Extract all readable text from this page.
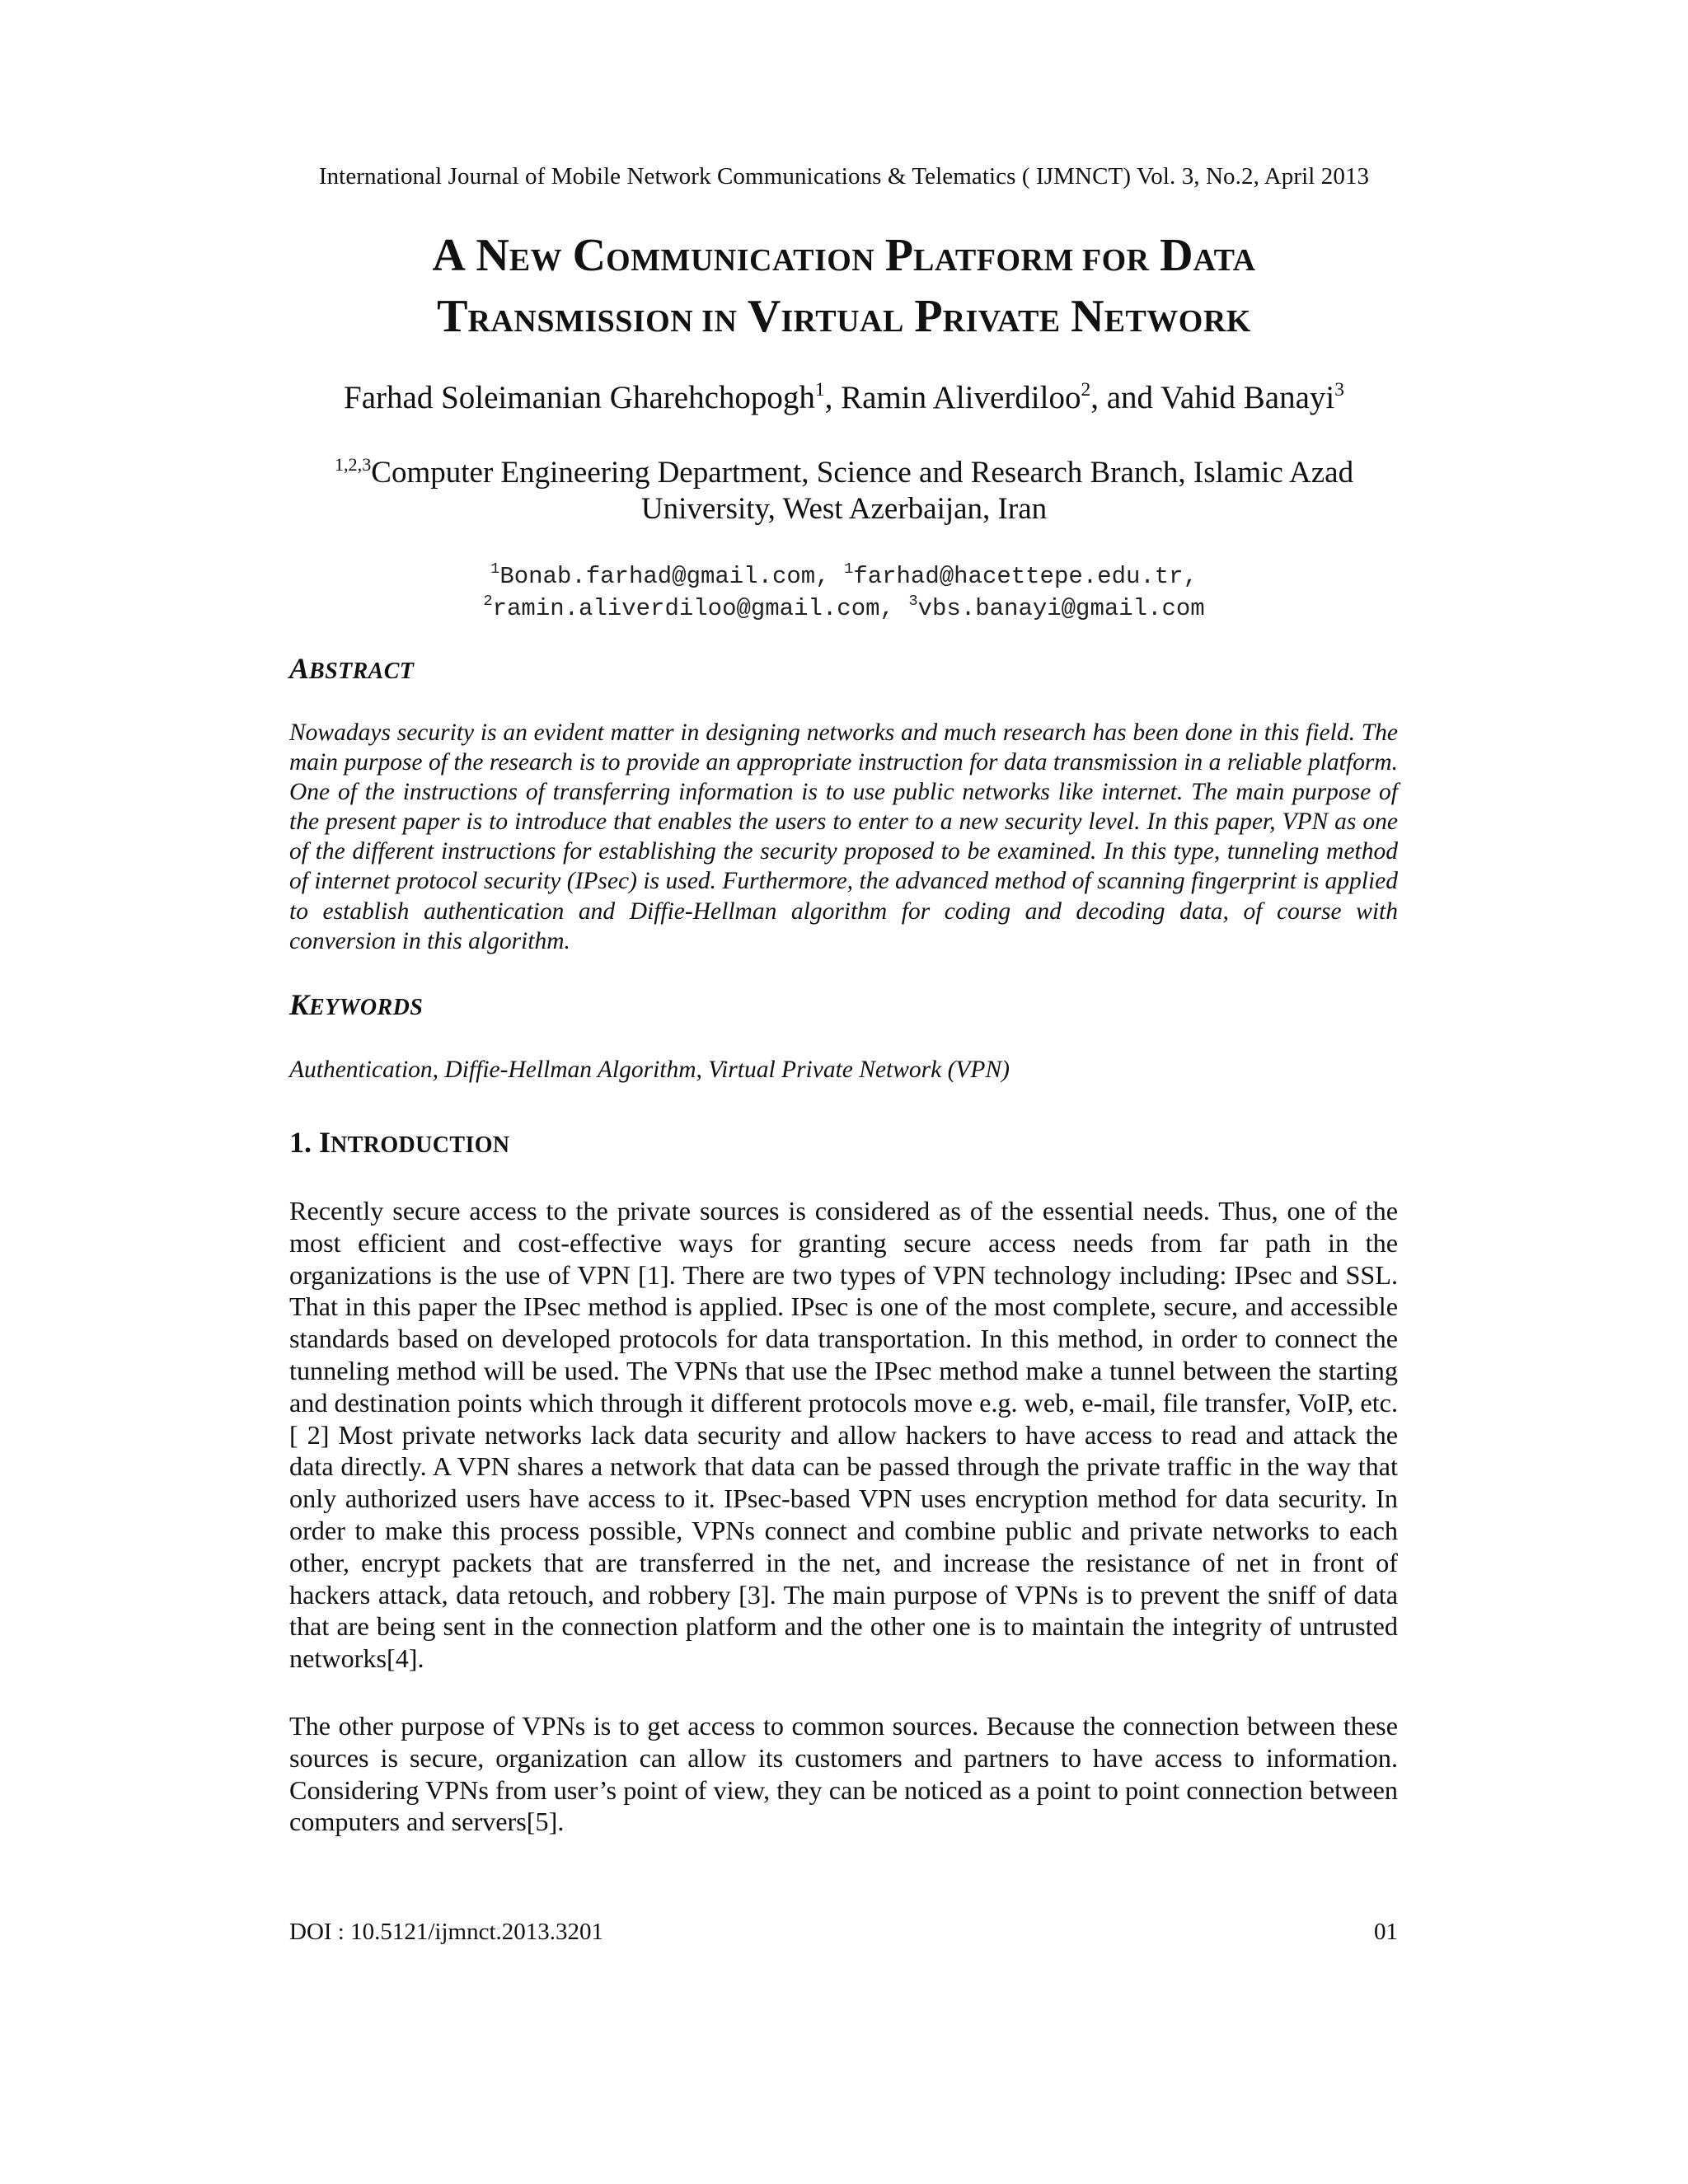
International Journal of Mobile Network Communications & Telematics ( IJMNCT) Vol. 3, No.2, April 2013
A NEW COMMUNICATION PLATFORM FOR DATA
TRANSMISSION IN VIRTUAL PRIVATE NETWORK
Farhad Soleimanian Gharehchopogh$^1$, Ramin Aliverdiloo$^2$, and Vahid Banayi$^3$
$^{1,2,3}$Computer Engineering Department, Science and Research Branch, Islamic Azad
University, West Azerbaijan, Iran
$^1$Bonab.farhad@gmail.com, $^1$farhad@hacettepe.edu.tr,
$^2$ramin.aliverdiloo@gmail.com, $^3$vbs.banayi@gmail.com
ABSTRACT
Nowadays security is an evident matter in designing networks and much research has been done in this field. The main purpose of the research is to provide an appropriate instruction for data transmission in a reliable platform. One of the instructions of transferring information is to use public networks like internet. The main purpose of the present paper is to introduce that enables the users to enter to a new security level. In this paper, VPN as one of the different instructions for establishing the security proposed to be examined. In this type, tunneling method of internet protocol security (IPsec) is used. Furthermore, the advanced method of scanning fingerprint is applied to establish authentication and Diffie-Hellman algorithm for coding and decoding data, of course with conversion in this algorithm.
KEYWORDS
Authentication, Diffie-Hellman Algorithm, Virtual Private Network (VPN)
1. INTRODUCTION
Recently secure access to the private sources is considered as of the essential needs. Thus, one of the most efficient and cost-effective ways for granting secure access needs from far path in the organizations is the use of VPN [1]. There are two types of VPN technology including: IPsec and SSL. That in this paper the IPsec method is applied. IPsec is one of the most complete, secure, and accessible standards based on developed protocols for data transportation. In this method, in order to connect the tunneling method will be used. The VPNs that use the IPsec method make a tunnel between the starting and destination points which through it different protocols move e.g. web, e-mail, file transfer, VoIP, etc.[ 2] Most private networks lack data security and allow hackers to have access to read and attack the data directly. A VPN shares a network that data can be passed through the private traffic in the way that only authorized users have access to it. IPsec-based VPN uses encryption method for data security. In order to make this process possible, VPNs connect and combine public and private networks to each other, encrypt packets that are transferred in the net, and increase the resistance of net in front of hackers attack, data retouch, and robbery [3]. The main purpose of VPNs is to prevent the sniff of data that are being sent in the connection platform and the other one is to maintain the integrity of untrusted networks[4].
The other purpose of VPNs is to get access to common sources. Because the connection between these sources is secure, organization can allow its customers and partners to have access to information. Considering VPNs from user’s point of view, they can be noticed as a point to point connection between computers and servers[5].
DOI : 10.5121/ijmnct.2013.3201	01
